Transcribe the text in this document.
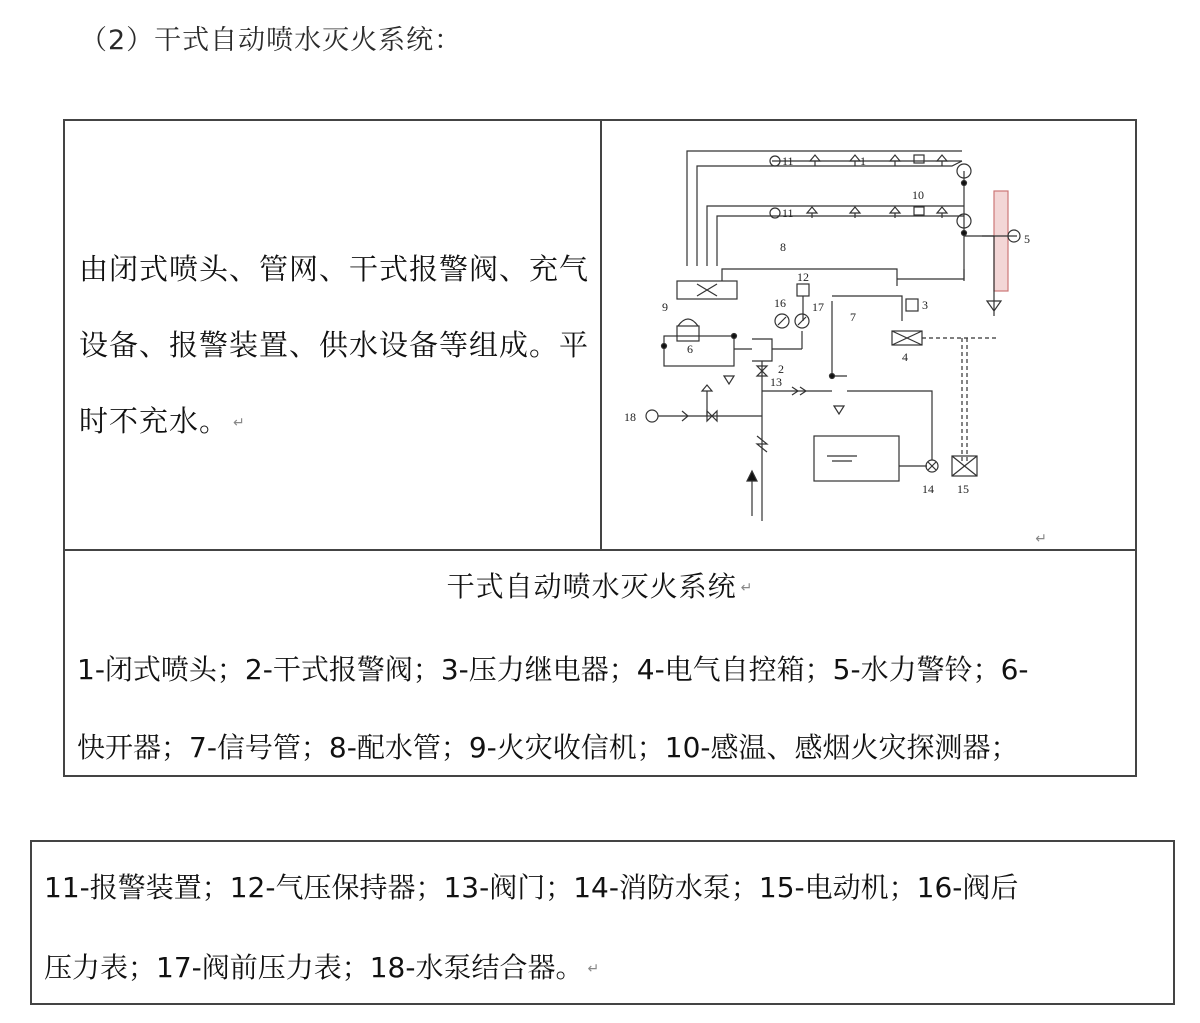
（2）干式自动喷水灭火系统：
由闭式喷头、管网、干式报警阀、充气
设备、报警装置、供水设备等组成。平
时不充水。 ↵
11	1
10
11
5
8
12
9	16 17
7
3
6
2
4
13
18
14 15
↵
干式自动喷水灭火系统 ↵
1-闭式喷头；2-干式报警阀；3-压力继电器；4-电气自控箱；5-水力警铃；6-
快开器；7-信号管；8-配水管；9-火灾收信机；10-感温、感烟火灾探测器；
11-报警装置；12-气压保持器；13-阀门；14-消防水泵；15-电动机；16-阀后
压力表；17-阀前压力表；18-水泵结合器。 ↵
